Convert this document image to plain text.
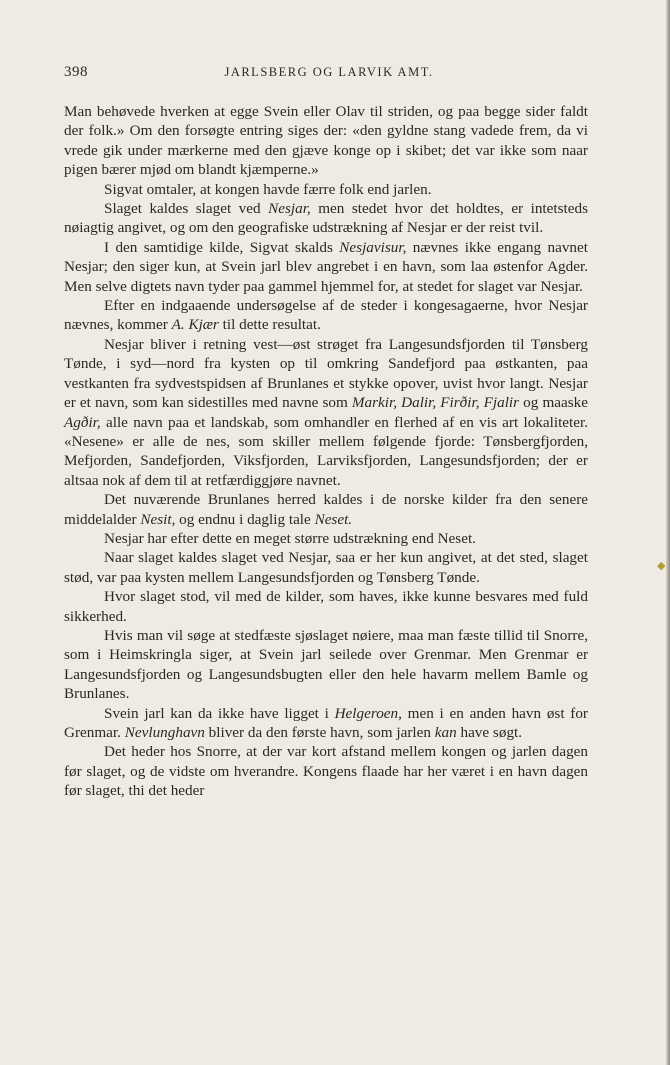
◆
398	JARLSBERG OG LARVIK AMT.

Man behøvede hverken at egge Svein eller Olav til striden, og paa begge sider faldt der folk.» Om den forsøgte entring siges der: «den gyldne stang vadede frem, da vi vrede gik under mærkerne med den gjæve konge op i skibet; det var ikke som naar pigen bærer mjød om blandt kjæmperne.»

Sigvat omtaler, at kongen havde færre folk end jarlen.

Slaget kaldes slaget ved Nesjar, men stedet hvor det holdtes, er intetsteds nøiagtig angivet, og om den geografiske udstrækning af Nesjar er der reist tvil.

I den samtidige kilde, Sigvat skalds Nesjavisur, nævnes ikke engang navnet Nesjar; den siger kun, at Svein jarl blev angrebet i en havn, som laa østenfor Agder. Men selve digtets navn tyder paa gammel hjemmel for, at stedet for slaget var Nesjar.

Efter en indgaaende undersøgelse af de steder i kongesagaerne, hvor Nesjar nævnes, kommer A. Kjær til dette resultat.

Nesjar bliver i retning vest—øst strøget fra Langesundsfjorden til Tønsberg Tønde, i syd—nord fra kysten op til omkring Sandefjord paa østkanten, paa vestkanten fra sydvestspidsen af Brunlanes et stykke opover, uvist hvor langt. Nesjar er et navn, som kan sidestilles med navne som Markir, Dalir, Firðir, Fjalir og maaske Agðir, alle navn paa et landskab, som omhandler en flerhed af en vis art lokaliteter. «Nesene» er alle de nes, som skiller mellem følgende fjorde: Tønsbergfjorden, Mefjorden, Sandefjorden, Viksfjorden, Larviksfjorden, Langesundsfjorden; der er altsaa nok af dem til at retfærdiggjøre navnet.

Det nuværende Brunlanes herred kaldes i de norske kilder fra den senere middelalder Nesit, og endnu i daglig tale Neset.

Nesjar har efter dette en meget større udstrækning end Neset.

Naar slaget kaldes slaget ved Nesjar, saa er her kun angivet, at det sted, slaget stød, var paa kysten mellem Langesundsfjorden og Tønsberg Tønde.

Hvor slaget stod, vil med de kilder, som haves, ikke kunne besvares med fuld sikkerhed.

Hvis man vil søge at stedfæste sjøslaget nøiere, maa man fæste tillid til Snorre, som i Heimskringla siger, at Svein jarl seilede over Grenmar. Men Grenmar er Langesundsfjorden og Langesundsbugten eller den hele havarm mellem Bamle og Brunlanes.

Svein jarl kan da ikke have ligget i Helgeroen, men i en anden havn øst for Grenmar. Nevlunghavn bliver da den første havn, som jarlen kan have søgt.

Det heder hos Snorre, at der var kort afstand mellem kongen og jarlen dagen før slaget, og de vidste om hverandre. Kongens flaade har her været i en havn dagen før slaget, thi det heder
